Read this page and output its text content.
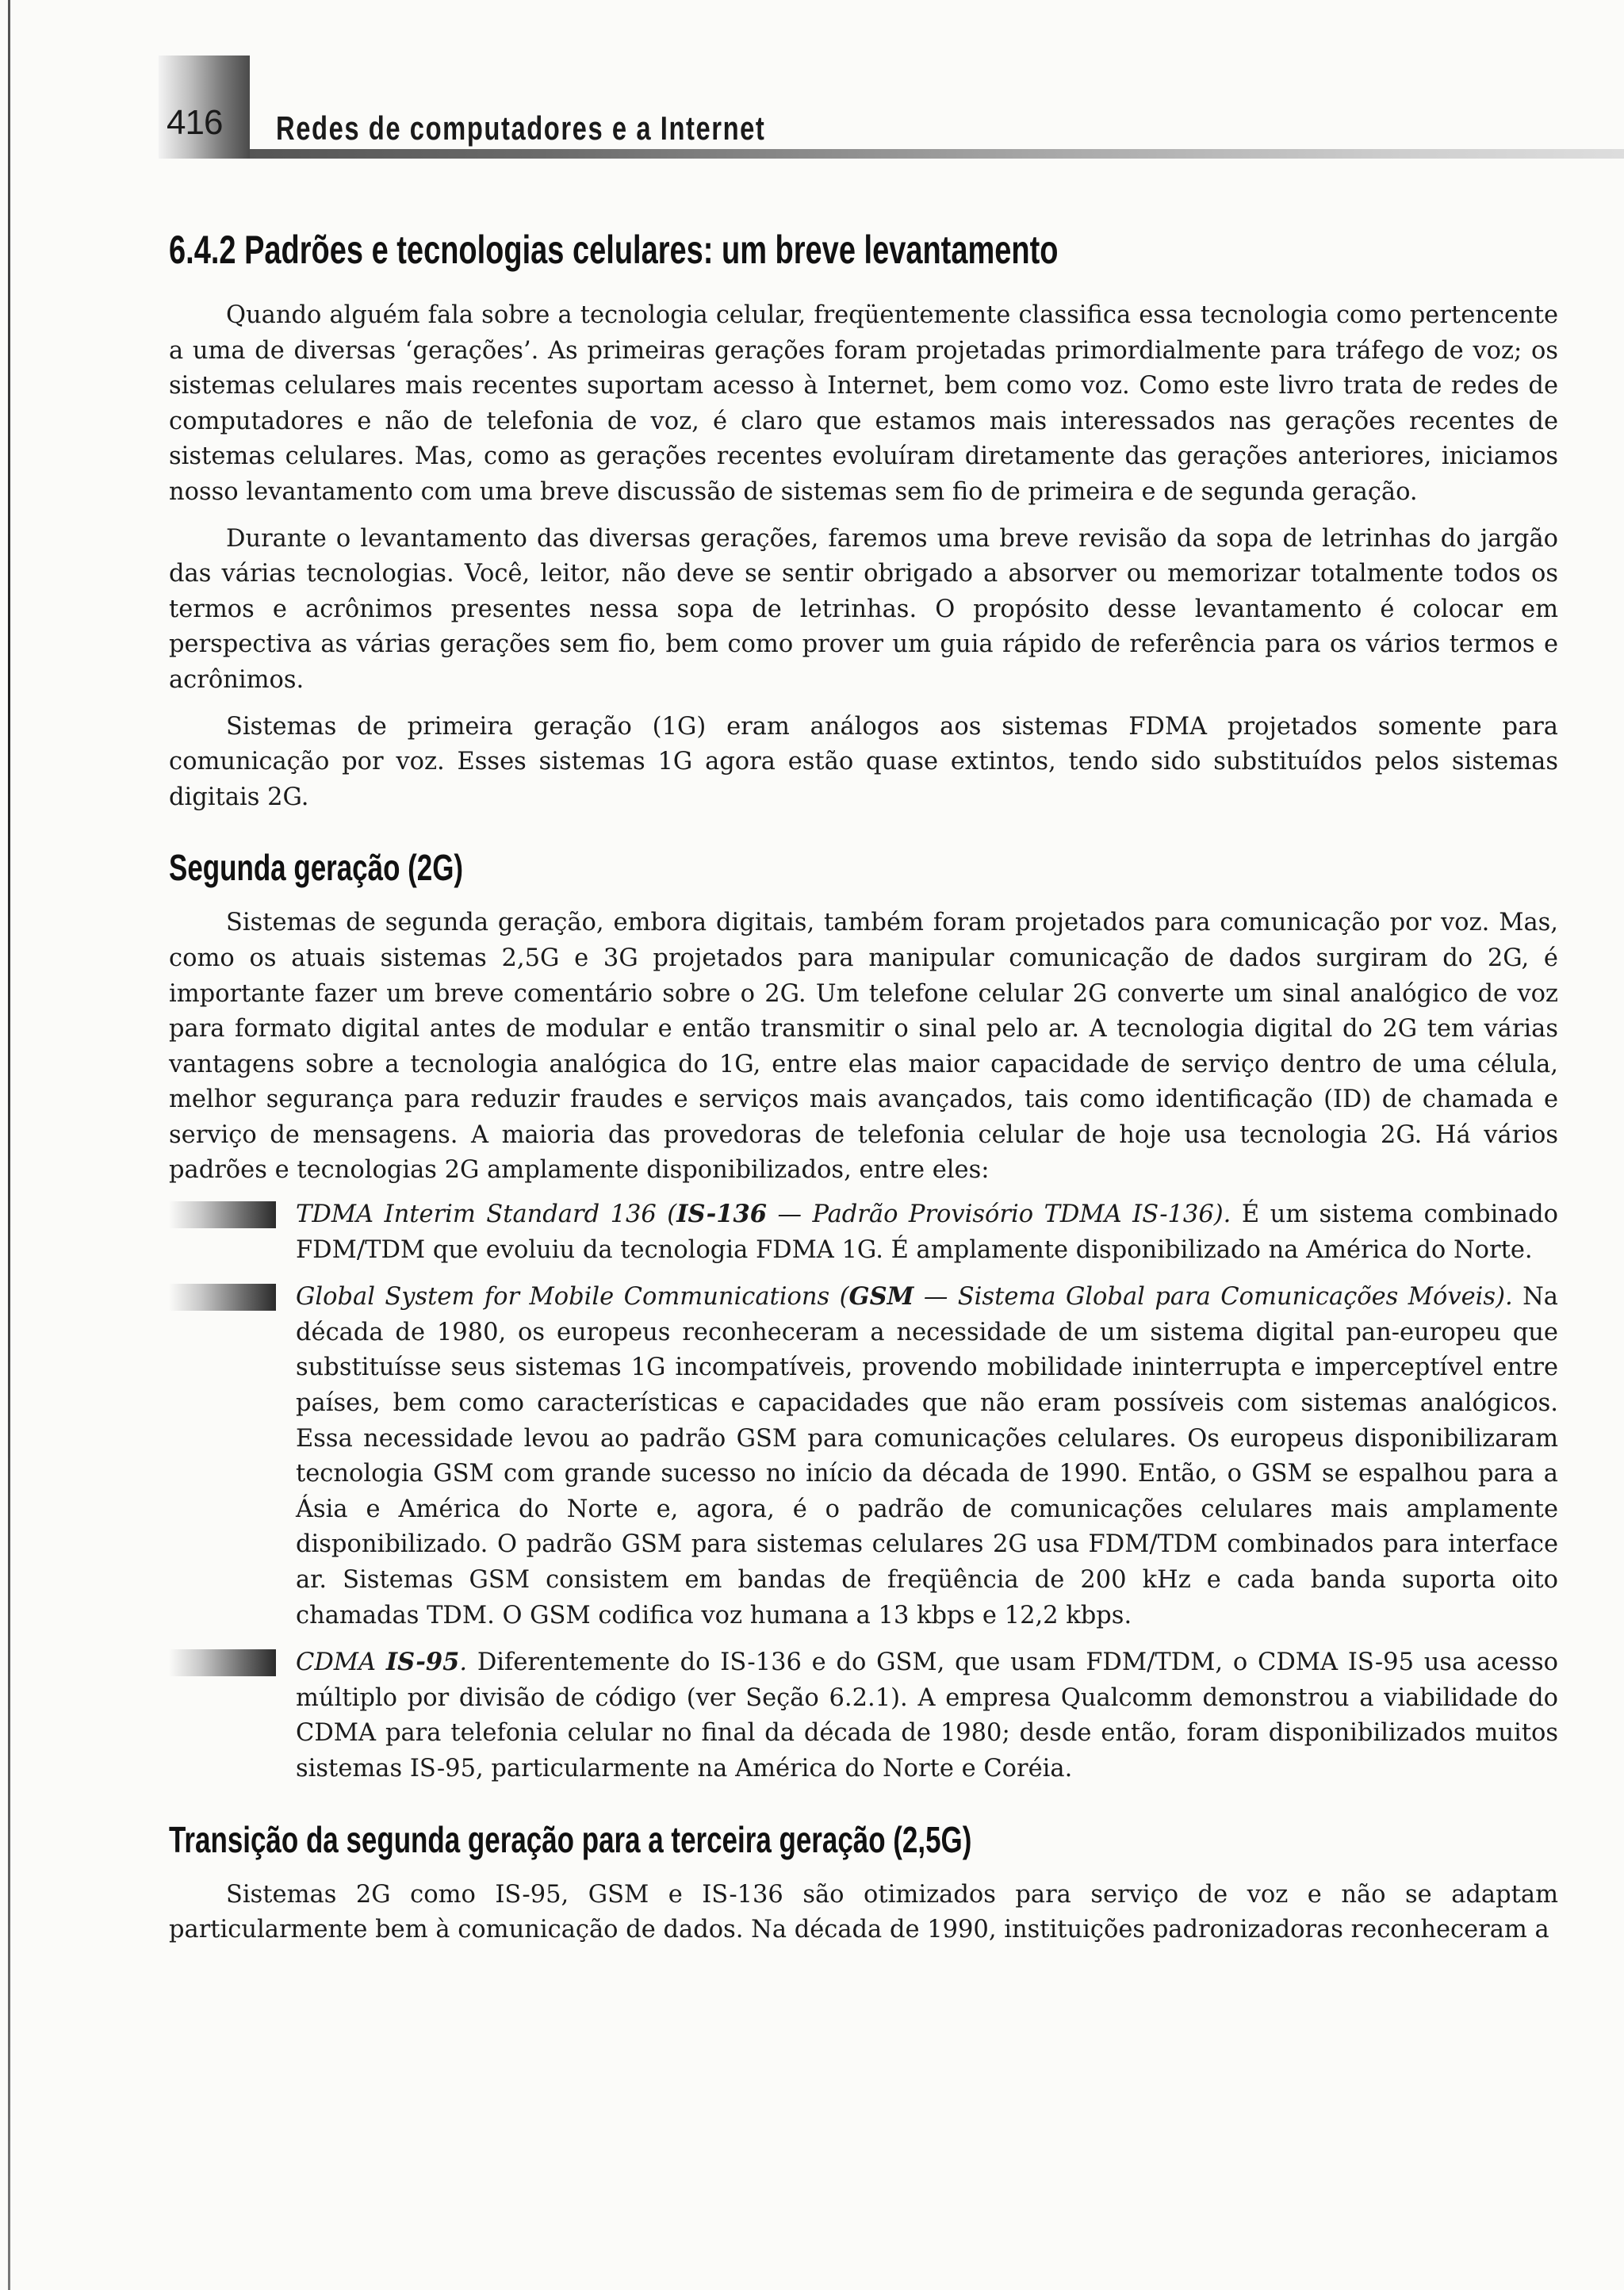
416 Redes de computadores e a Internet
6.4.2 Padrões e tecnologias celulares: um breve levantamento

Quando alguém fala sobre a tecnologia celular, freqüentemente classifica essa tecnologia como pertencente a uma de diversas ‘gerações’. As primeiras gerações foram projetadas primordialmente para tráfego de voz; os sistemas celulares mais recentes suportam acesso à Internet, bem como voz. Como este livro trata de redes de computadores e não de telefonia de voz, é claro que estamos mais interessados nas gerações recentes de sistemas celulares. Mas, como as gerações recentes evoluíram diretamente das gerações anteriores, iniciamos nosso levantamento com uma breve discussão de sistemas sem fio de primeira e de segunda geração.

Durante o levantamento das diversas gerações, faremos uma breve revisão da sopa de letrinhas do jargão das várias tecnologias. Você, leitor, não deve se sentir obrigado a absorver ou memorizar totalmente todos os termos e acrônimos presentes nessa sopa de letrinhas. O propósito desse levantamento é colocar em perspectiva as várias gerações sem fio, bem como prover um guia rápido de referência para os vários termos e acrônimos.

Sistemas de primeira geração (1G) eram análogos aos sistemas FDMA projetados somente para comunicação por voz. Esses sistemas 1G agora estão quase extintos, tendo sido substituídos pelos sistemas digitais 2G.

Segunda geração (2G)

Sistemas de segunda geração, embora digitais, também foram projetados para comunicação por voz. Mas, como os atuais sistemas 2,5G e 3G projetados para manipular comunicação de dados surgiram do 2G, é importante fazer um breve comentário sobre o 2G. Um telefone celular 2G converte um sinal analógico de voz para formato digital antes de modular e então transmitir o sinal pelo ar. A tecnologia digital do 2G tem várias vantagens sobre a tecnologia analógica do 1G, entre elas maior capacidade de serviço dentro de uma célula, melhor segurança para reduzir fraudes e serviços mais avançados, tais como identificação (ID) de chamada e serviço de mensagens. A maioria das provedoras de telefonia celular de hoje usa tecnologia 2G. Há vários padrões e tecnologias 2G amplamente disponibilizados, entre eles:

TDMA Interim Standard 136 (IS-136 — Padrão Provisório TDMA IS-136). É um sistema combinado FDM/TDM que evoluiu da tecnologia FDMA 1G. É amplamente disponibilizado na América do Norte.
Global System for Mobile Communications (GSM — Sistema Global para Comunicações Móveis). Na década de 1980, os europeus reconheceram a necessidade de um sistema digital pan-europeu que substituísse seus sistemas 1G incompatíveis, provendo mobilidade ininterrupta e imperceptível entre países, bem como características e capacidades que não eram possíveis com sistemas analógicos. Essa necessidade levou ao padrão GSM para comunicações celulares. Os europeus disponibilizaram tecnologia GSM com grande sucesso no início da década de 1990. Então, o GSM se espalhou para a Ásia e América do Norte e, agora, é o padrão de comunicações celulares mais amplamente disponibilizado. O padrão GSM para sistemas celulares 2G usa FDM/TDM combinados para interface ar. Sistemas GSM consistem em bandas de freqüência de 200 kHz e cada banda suporta oito chamadas TDM. O GSM codifica voz humana a 13 kbps e 12,2 kbps.
CDMA IS-95. Diferentemente do IS-136 e do GSM, que usam FDM/TDM, o CDMA IS-95 usa acesso múltiplo por divisão de código (ver Seção 6.2.1). A empresa Qualcomm demonstrou a viabilidade do CDMA para telefonia celular no final da década de 1980; desde então, foram disponibilizados muitos sistemas IS-95, particularmente na América do Norte e Coréia.
Transição da segunda geração para a terceira geração (2,5G)

Sistemas 2G como IS-95, GSM e IS-136 são otimizados para serviço de voz e não se adaptam particularmente bem à comunicação de dados. Na década de 1990, instituições padronizadoras reconheceram a
